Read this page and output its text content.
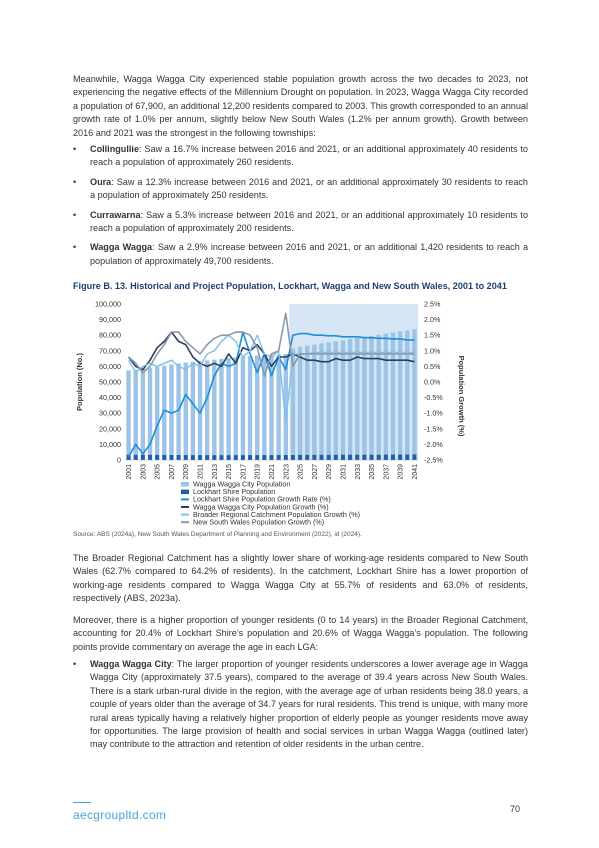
Meanwhile, Wagga Wagga City experienced stable population growth across the two decades to 2023, not experiencing the negative effects of the Millennium Drought on population. In 2023, Wagga Wagga City recorded a population of 67,900, an additional 12,200 residents compared to 2003. This growth corresponded to an annual growth rate of 1.0% per annum, slightly below New South Wales (1.2% per annum growth). Growth between 2016 and 2021 was the strongest in the following townships:

• Collingullie: Saw a 16.7% increase between 2016 and 2021, or an additional approximately 40 residents to reach a population of approximately 260 residents.
• Oura: Saw a 12.3% increase between 2016 and 2021, or an additional approximately 30 residents to reach a population of approximately 250 residents.
• Currawarna: Saw a 5.3% increase between 2016 and 2021, or an additional approximately 10 residents to reach a population of approximately 200 residents.
• Wagga Wagga: Saw a 2.9% increase between 2016 and 2021, or an additional 1,420 residents to reach a population of approximately 49,700 residents.

Figure B. 13. Historical and Project Population, Lockhart, Wagga and New South Wales, 2001 to 2041

0
10,000
20,000
30,000
40,000
50,000
60,000
70,000
80,000
90,000
100,000
-2.5%
-2.0%
-1.5%
-1.0%
-0.5%
0.0%
0.5%
1.0%
1.5%
2.0%
2.5%
2001 2003 2005 2007 2009 2011 2013 2015 2017 2019 2021 2023 2025 2027 2029 2031 2033 2035 2037 2039 2041
Population (No.)	Population Growth (%)
Wagga Wagga City Population
Lockhart Shire Population
Lockhart Shire Population Growth Rate (%)
Wagga Wagga City Population Growth (%)
Broader Regional Catchment Population Growth (%)
New South Wales Population Growth (%)

Source: ABS (2024a), New South Wales Department of Planning and Environment (2022), id (2024).

The Broader Regional Catchment has a slightly lower share of working-age residents compared to New South Wales (62.7% compared to 64.2% of residents). In the catchment, Lockhart Shire has a lower proportion of working-age residents compared to Wagga Wagga City at 55.7% of residents and 63.0% of residents, respectively (ABS, 2023a).

Moreover, there is a higher proportion of younger residents (0 to 14 years) in the Broader Regional Catchment, accounting for 20.4% of Lockhart Shire’s population and 20.6% of Wagga Wagga’s population. The following points provide commentary on average the age in each LGA:

• Wagga Wagga City: The larger proportion of younger residents underscores a lower average age in Wagga Wagga City (approximately 37.5 years), compared to the average of 39.4 years across New South Wales. There is a stark urban-rural divide in the region, with the average age of urban residents being 38.0 years, a couple of years older than the average of 34.7 years for rural residents. This trend is unique, with many more rural areas typically having a relatively higher proportion of elderly people as younger residents move away for opportunities. The large provision of health and social services in urban Wagga Wagga (outlined later) may contribute to the attraction and retention of older residents in the urban centre.
aecgroupltd.com	70
